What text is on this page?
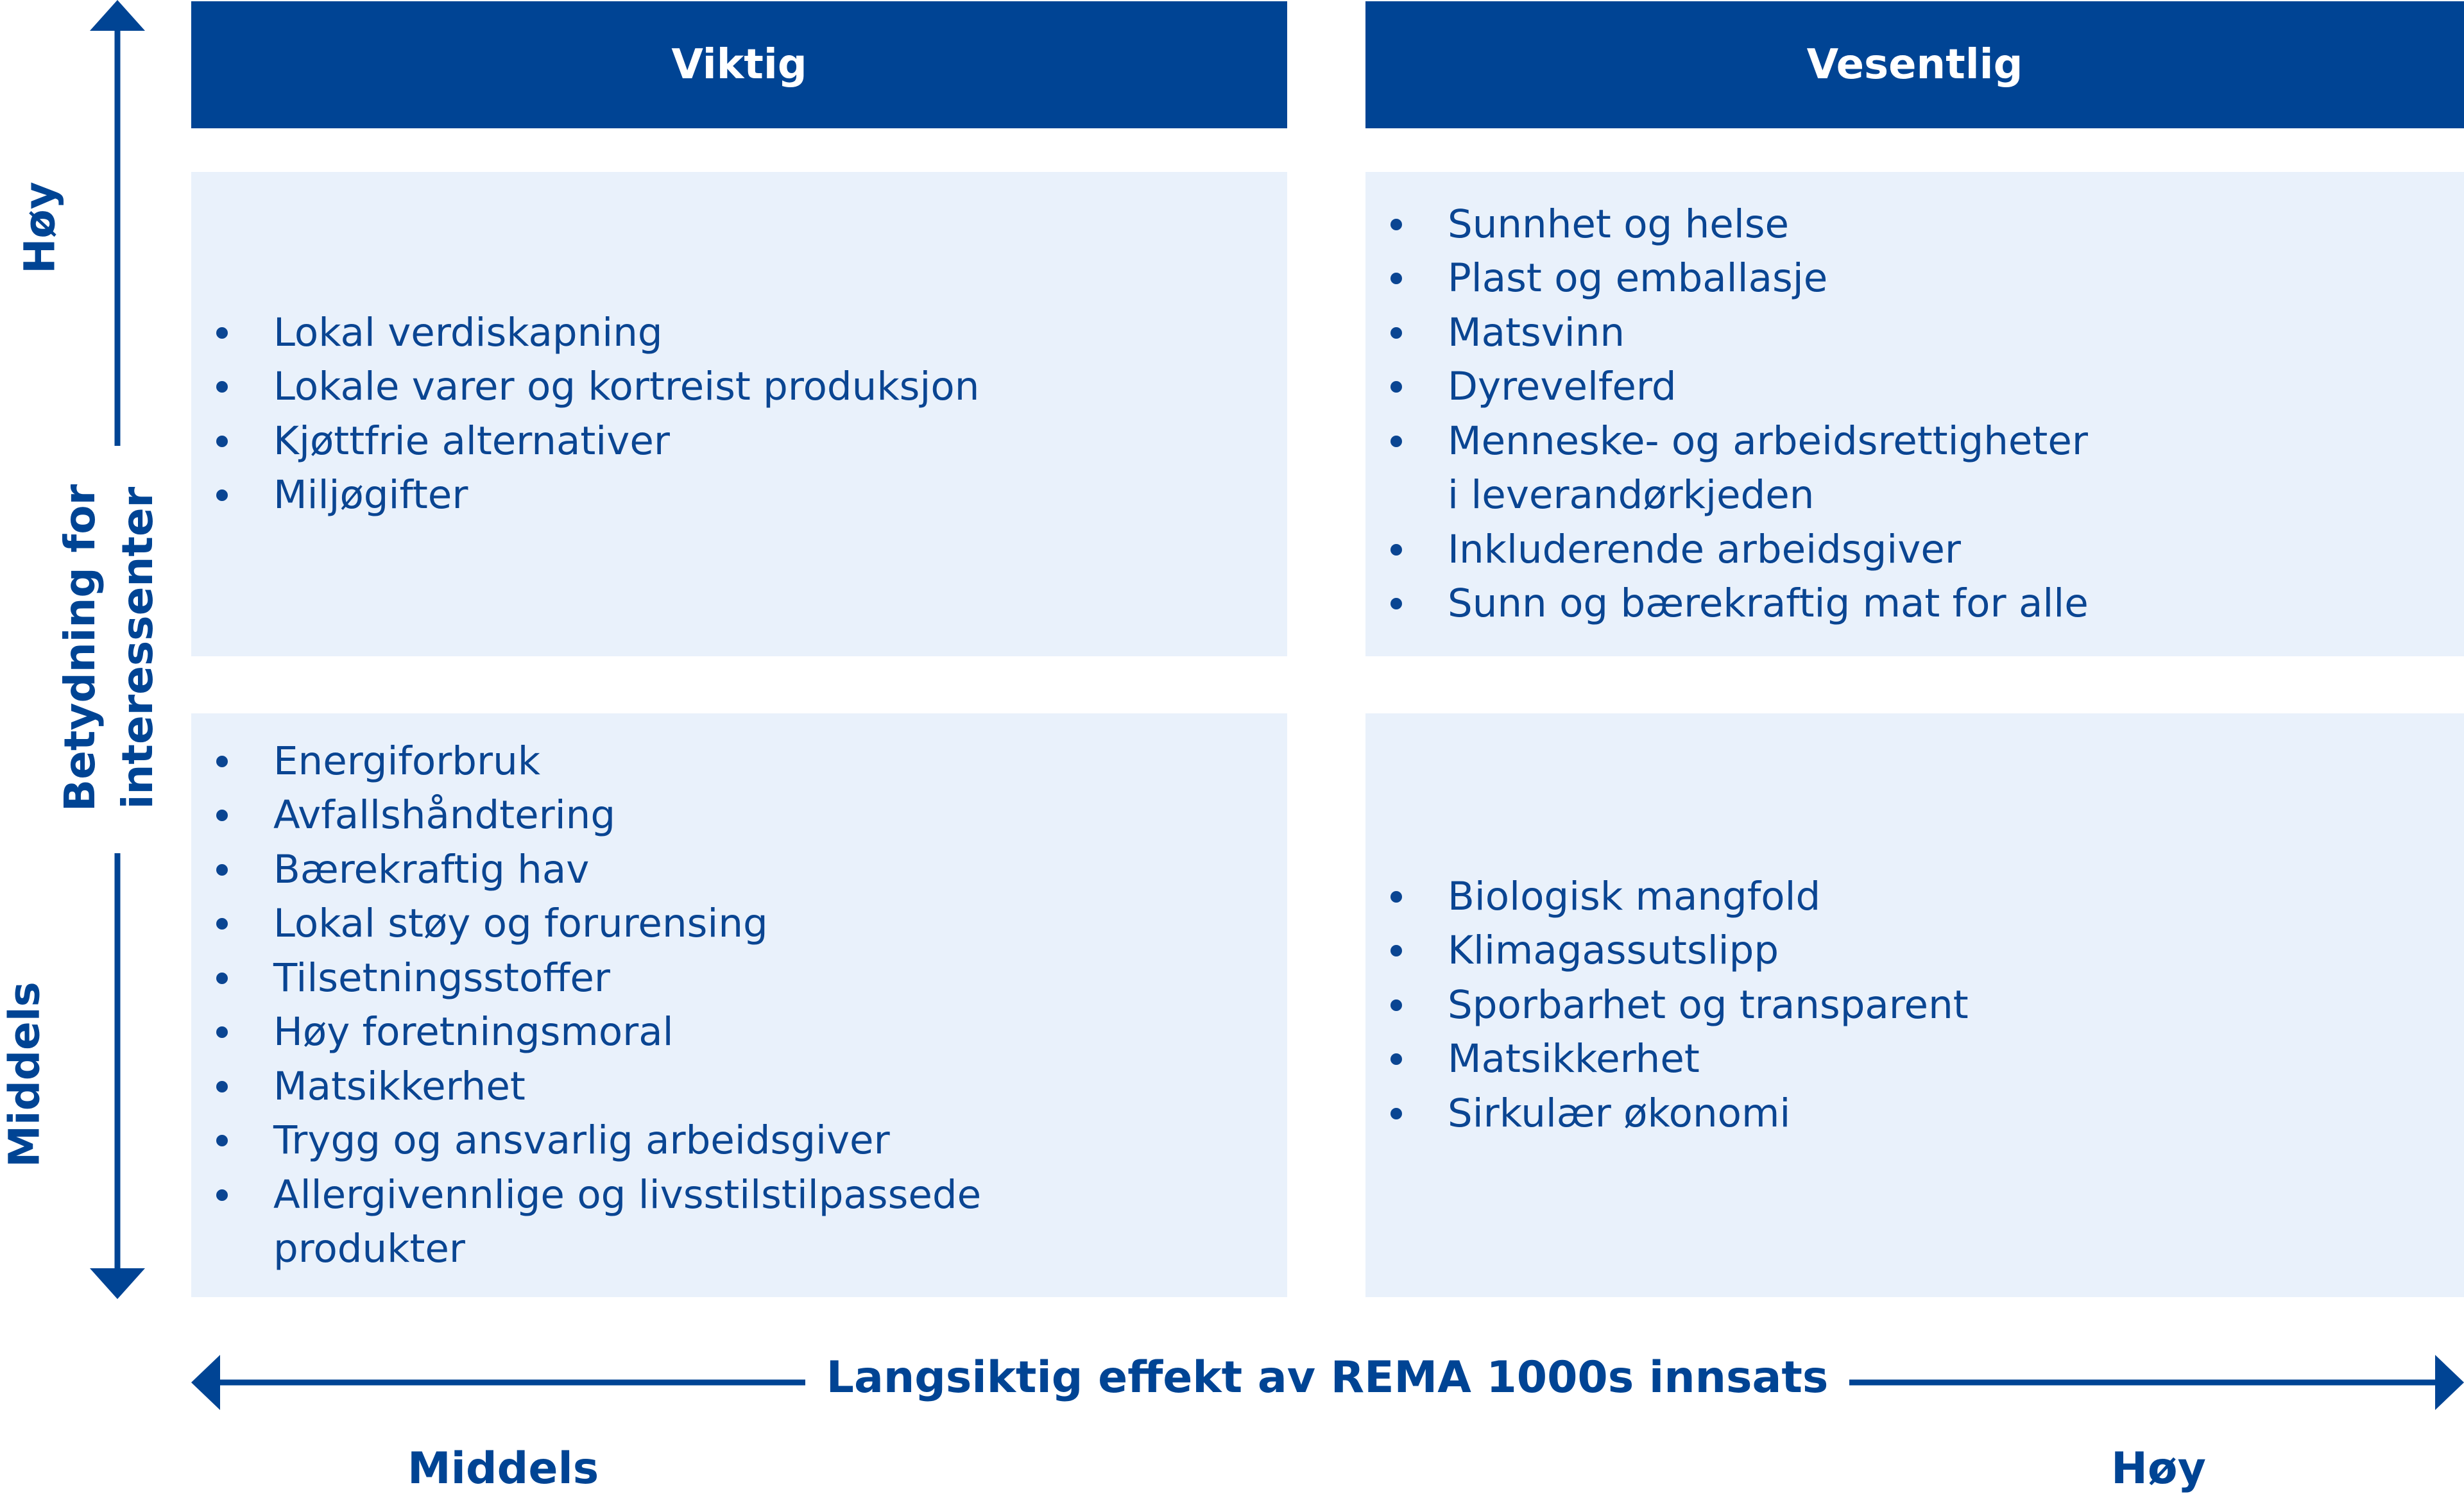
Viktig	Vesentlig
Lokal verdiskapning
Lokale varer og kortreist produksjon
Kjøttfrie alternativer
Miljøgifter
Sunnhet og helse
Plast og emballasje
Matsvinn
Dyrevelferd
Menneske- og arbeidsrettigheter
i leverandørkjeden
Inkluderende arbeidsgiver
Sunn og bærekraftig mat for alle
Energiforbruk
Avfallshåndtering
Bærekraftig hav
Lokal støy og forurensing
Tilsetningsstoffer
Høy foretningsmoral
Matsikkerhet
Trygg og ansvarlig arbeidsgiver
Allergivennlige og livsstilstilpassede
produkter
Biologisk mangfold
Klimagassutslipp
Sporbarhet og transparent
Matsikkerhet
Sirkulær økonomi
Høy
Betydning for interessenter
Middels
Langsiktig effekt av REMA 1000s innsats
Middels	Høy
